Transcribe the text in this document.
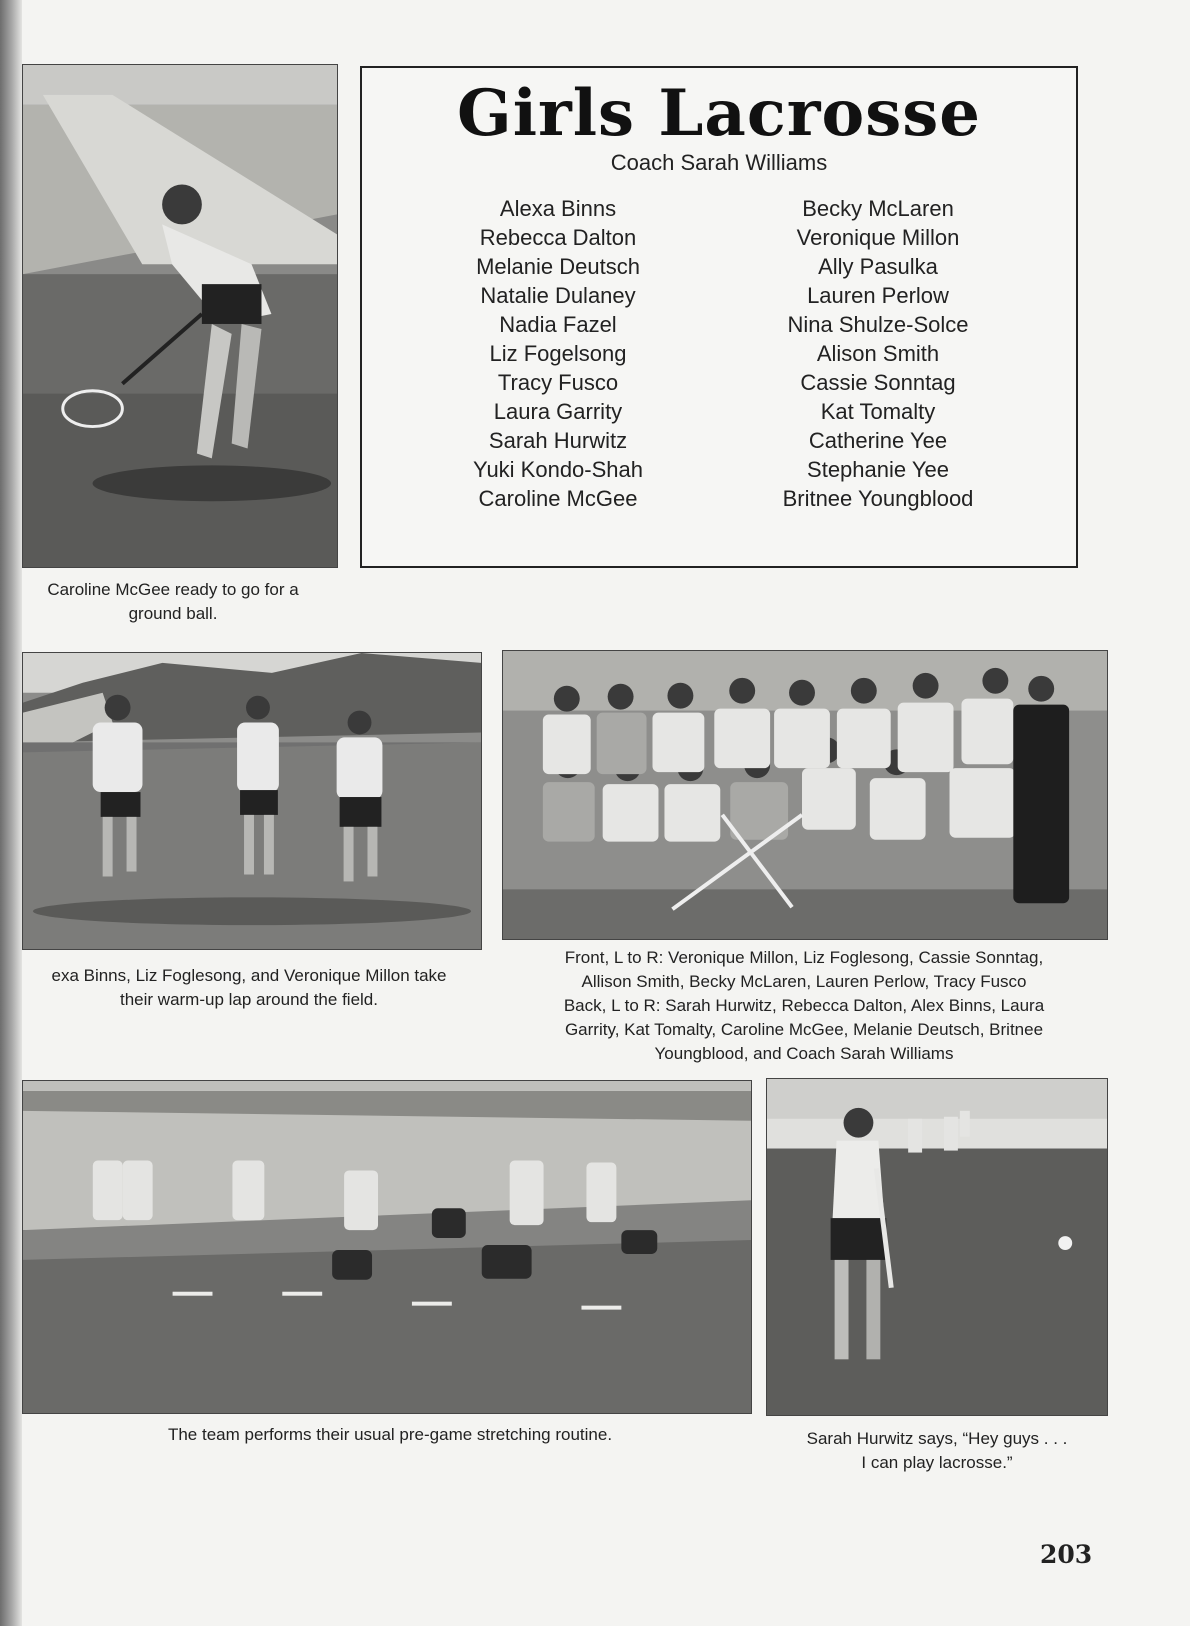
Caroline McGee ready to go for a
ground ball.
Girls Lacrosse
Coach Sarah Williams
Alexa Binns
Rebecca Dalton
Melanie Deutsch
Natalie Dulaney
Nadia Fazel
Liz Fogelsong
Tracy Fusco
Laura Garrity
Sarah Hurwitz
Yuki Kondo-Shah
Caroline McGee
Becky McLaren
Veronique Millon
Ally Pasulka
Lauren Perlow
Nina Shulze-Solce
Alison Smith
Cassie Sonntag
Kat Tomalty
Catherine Yee
Stephanie Yee
Britnee Youngblood
exa Binns, Liz Foglesong, and Veronique Millon take
their warm-up lap around the field.
Front, L to R: Veronique Millon, Liz Foglesong, Cassie Sonntag,
Allison Smith, Becky McLaren, Lauren Perlow, Tracy Fusco
Back, L to R: Sarah Hurwitz, Rebecca Dalton, Alex Binns, Laura
Garrity, Kat Tomalty, Caroline McGee, Melanie Deutsch, Britnee
Youngblood, and Coach Sarah Williams
The team performs their usual pre-game stretching routine.	Sarah Hurwitz says, “Hey guys . . .
I can play lacrosse.”
203
